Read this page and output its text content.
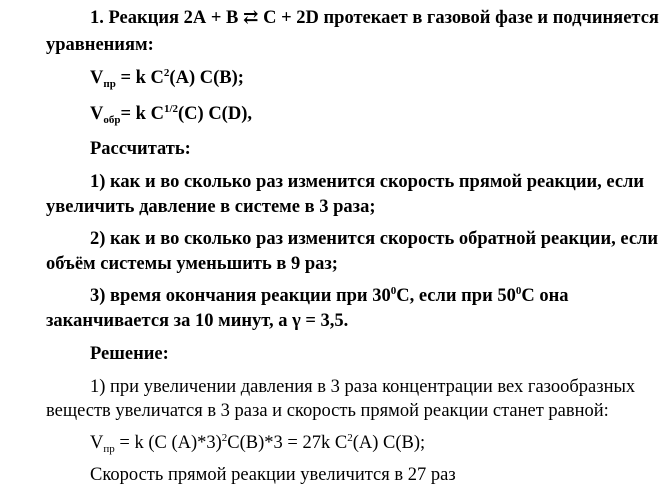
1. Реакция 2А + В ⇄ С + 2D протекает в газовой фазе и подчиняется
уравнениям:
$V_{пр} = k$ $C^2(A)$ C(B);
$V_{обр}= k$ $C^{1/2}(C)$ C(D),
Рассчитать:
1) как и во сколько раз изменится скорость прямой реакции, если
увеличить давление в системе в 3 раза;
2) как и во сколько раз изменится скорость обратной реакции, если
объём системы уменьшить в 9 раз;
3) время окончания реакции при $30^0С$, если при $50^0С$ она
заканчивается за 10 минут, а γ = 3,5.
Решение:
1) при увеличении давления в 3 раза концентрации вех газообразных
веществ увеличатся в 3 раза и скорость прямой реакции станет равной:
$V_{пр} = k$ (C (A)*3)$^2$C(B)*3 = 27k $C^2(A)$ C(B);
Скорость прямой реакции увеличится в 27 раз
